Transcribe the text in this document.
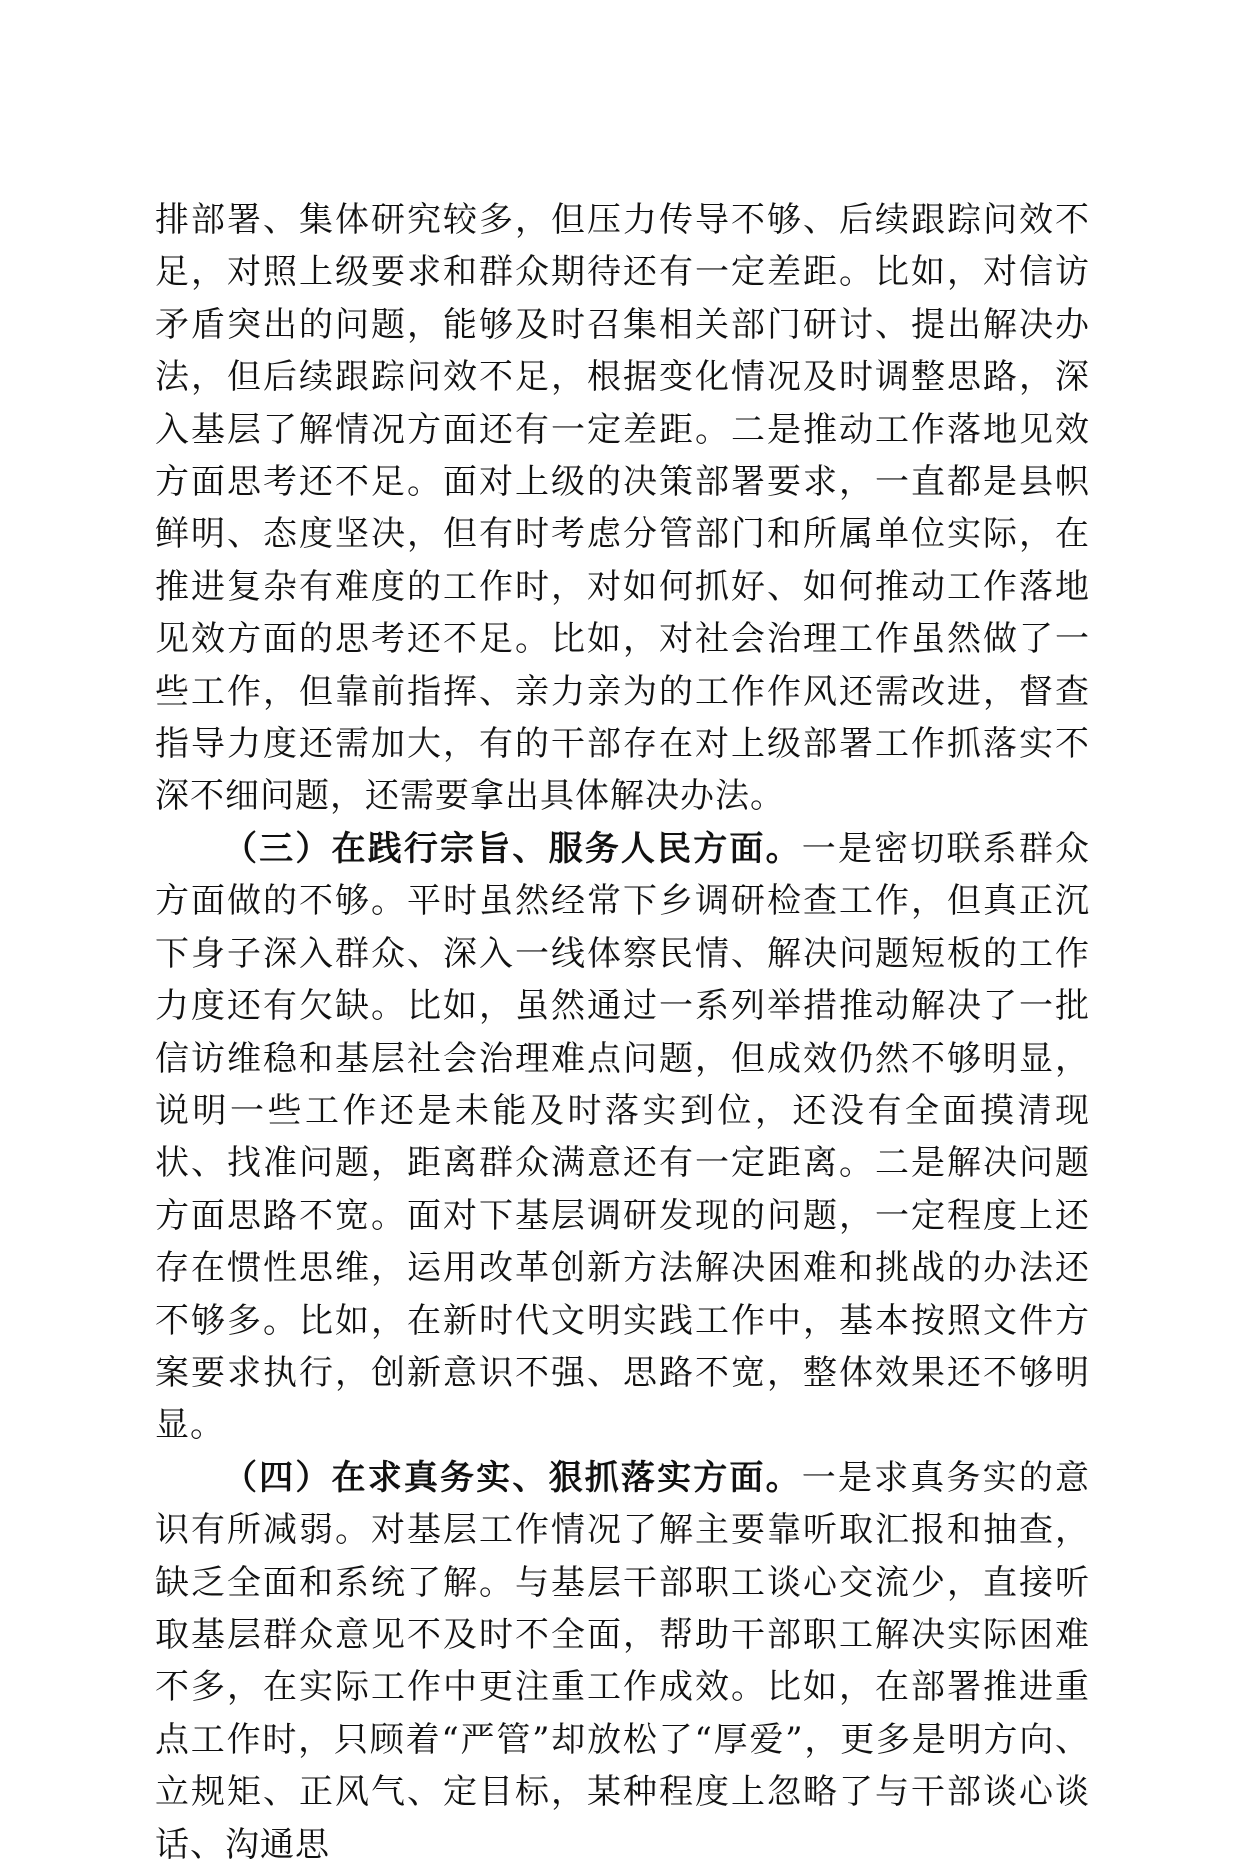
排部署、集体研究较多，但压力传导不够、后续跟踪问效不足，对照上级要求和群众期待还有一定差距。比如，对信访矛盾突出的问题，能够及时召集相关部门研讨、提出解决办法，但后续跟踪问效不足，根据变化情况及时调整思路，深入基层了解情况方面还有一定差距。二是推动工作落地见效方面思考还不足。面对上级的决策部署要求，一直都是县帜鲜明、态度坚决，但有时考虑分管部门和所属单位实际，在推进复杂有难度的工作时，对如何抓好、如何推动工作落地见效方面的思考还不足。比如，对社会治理工作虽然做了一些工作，但靠前指挥、亲力亲为的工作作风还需改进，督查指导力度还需加大，有的干部存在对上级部署工作抓落实不深不细问题，还需要拿出具体解决办法。

（三）在践行宗旨、服务人民方面。一是密切联系群众方面做的不够。平时虽然经常下乡调研检查工作，但真正沉下身子深入群众、深入一线体察民情、解决问题短板的工作力度还有欠缺。比如，虽然通过一系列举措推动解决了一批信访维稳和基层社会治理难点问题，但成效仍然不够明显，说明一些工作还是未能及时落实到位，还没有全面摸清现状、找准问题，距离群众满意还有一定距离。二是解决问题方面思路不宽。面对下基层调研发现的问题，一定程度上还存在惯性思维，运用改革创新方法解决困难和挑战的办法还不够多。比如，在新时代文明实践工作中，基本按照文件方案要求执行，创新意识不强、思路不宽，整体效果还不够明显。

（四）在求真务实、狠抓落实方面。一是求真务实的意识有所减弱。对基层工作情况了解主要靠听取汇报和抽查，缺乏全面和系统了解。与基层干部职工谈心交流少，直接听取基层群众意见不及时不全面，帮助干部职工解决实际困难不多，在实际工作中更注重工作成效。比如，在部署推进重点工作时，只顾着“严管”却放松了“厚爱”，更多是明方向、立规矩、正风气、定目标，某种程度上忽略了与干部谈心谈话、沟通思
